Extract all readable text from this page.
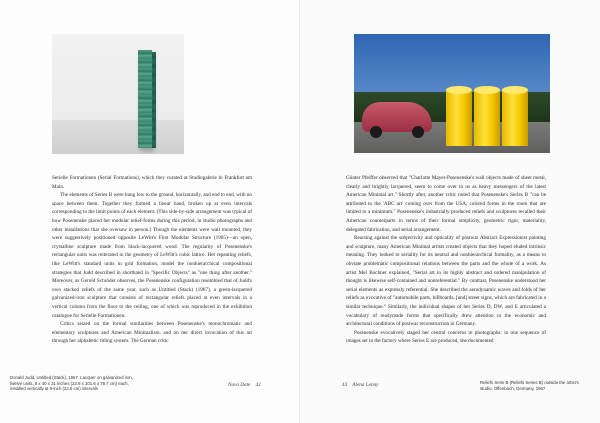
Serielle Formationen (Serial Formations), which they curated at Studiogalerie in Frankfurt am Main.

The elements of Series B were hung low to the ground, horizontally, and end to end, with no space between them. Together they formed a linear band, broken up at even intervals corresponding to the limit points of each element. (This side-by-side arrangement was typical of how Posenenske placed her modular relief-forms during this period, in studio photographs and other installations that she oversaw in person.) Though the elements were wall mounted, they were suggestively positioned opposite LeWitt's First Modular Structure (1965)—an open, crystalline sculpture made from black-lacquered wood. The regularity of Posenenske's rectangular units was reiterated in the geometry of LeWitt's cubic lattice. Her repeating reliefs, like LeWitt's standard units in grid formation, model the nonhierarchical compositional strategies that Judd described in shorthand in "Specific Objects" as "one thing after another." Moreover, as Gerold Schröder observes, the Posenenske configuration resembled that of Judd's own stacked reliefs of the same year, such as Untitled (Stack) (1967), a green-lacquered galvanized-iron sculpture that consists of rectangular reliefs placed at even intervals in a vertical column from the floor to the ceiling, one of which was reproduced in the exhibition catalogue for Serielle Formationen.

Critics seized on the formal similarities between Posenenske's monochromatic and elementary sculptures and American Minimalism, and on her direct invocation of this art through her alphabetic titling system. The German critic

Donald Judd, Untitled (Stack), 1967. Lacquer on galvanized iron, twelve units, 9 x 40 x 31 inches (22.8 x 101.6 x 78.7 cm) each, installed vertically at 9-inch (22.8 cm) intervals

Nova Date 42

Günter Pfeiffer observed that "Charlotte Mayer-Posenenske's wall objects made of sheet metal, clearly and brightly lacquered, seem to come over to us as heavy messengers of the latest American Minimal art." Shortly after, another critic noted that Posenenske's Series B "can be attributed to the 'ABC art' coming over from the USA, colored forms in the room that are limited to a minimum." Posenenske's industrially produced reliefs and sculptures recalled their American counterparts in terms of their formal simplicity, geometric rigor, materiality, delegated fabrication, and serial arrangement.

Reacting against the subjectivity and opticality of postwar Abstract Expressionist painting and sculpture, many American Minimal artists created objects that they hoped eluded intrinsic meaning. They looked to seriality for its neutral and nonhierarchical formality, as a means to obviate problematic compositional relations between the parts and the whole of a work. As artist Mel Bochner explained, "Serial art in its highly abstract and ordered manipulation of thought is likewise self-contained and nonreferential." By contrast, Posenenske understood her serial elements as expressly referential. She described the aerodynamic waves and folds of her reliefs as evocative of "automobile parts, billboards, [and] street signs, which are fabricated in a similar technique." Similarly, the individual shapes of her Series D, DW, and E articulated a vocabulary of readymade forms that specifically drew attention to the economic and architectural conditions of postwar reconstruction in Germany.

Posenenske evocatively staged her central concerns in photographs: in one sequence of images set in the factory where Series E are produced, she documented

Reliefs Serie B (Reliefs Series B) outside the artist's studio, Offenbach, Germany, 1967

43 Alena Lenny
